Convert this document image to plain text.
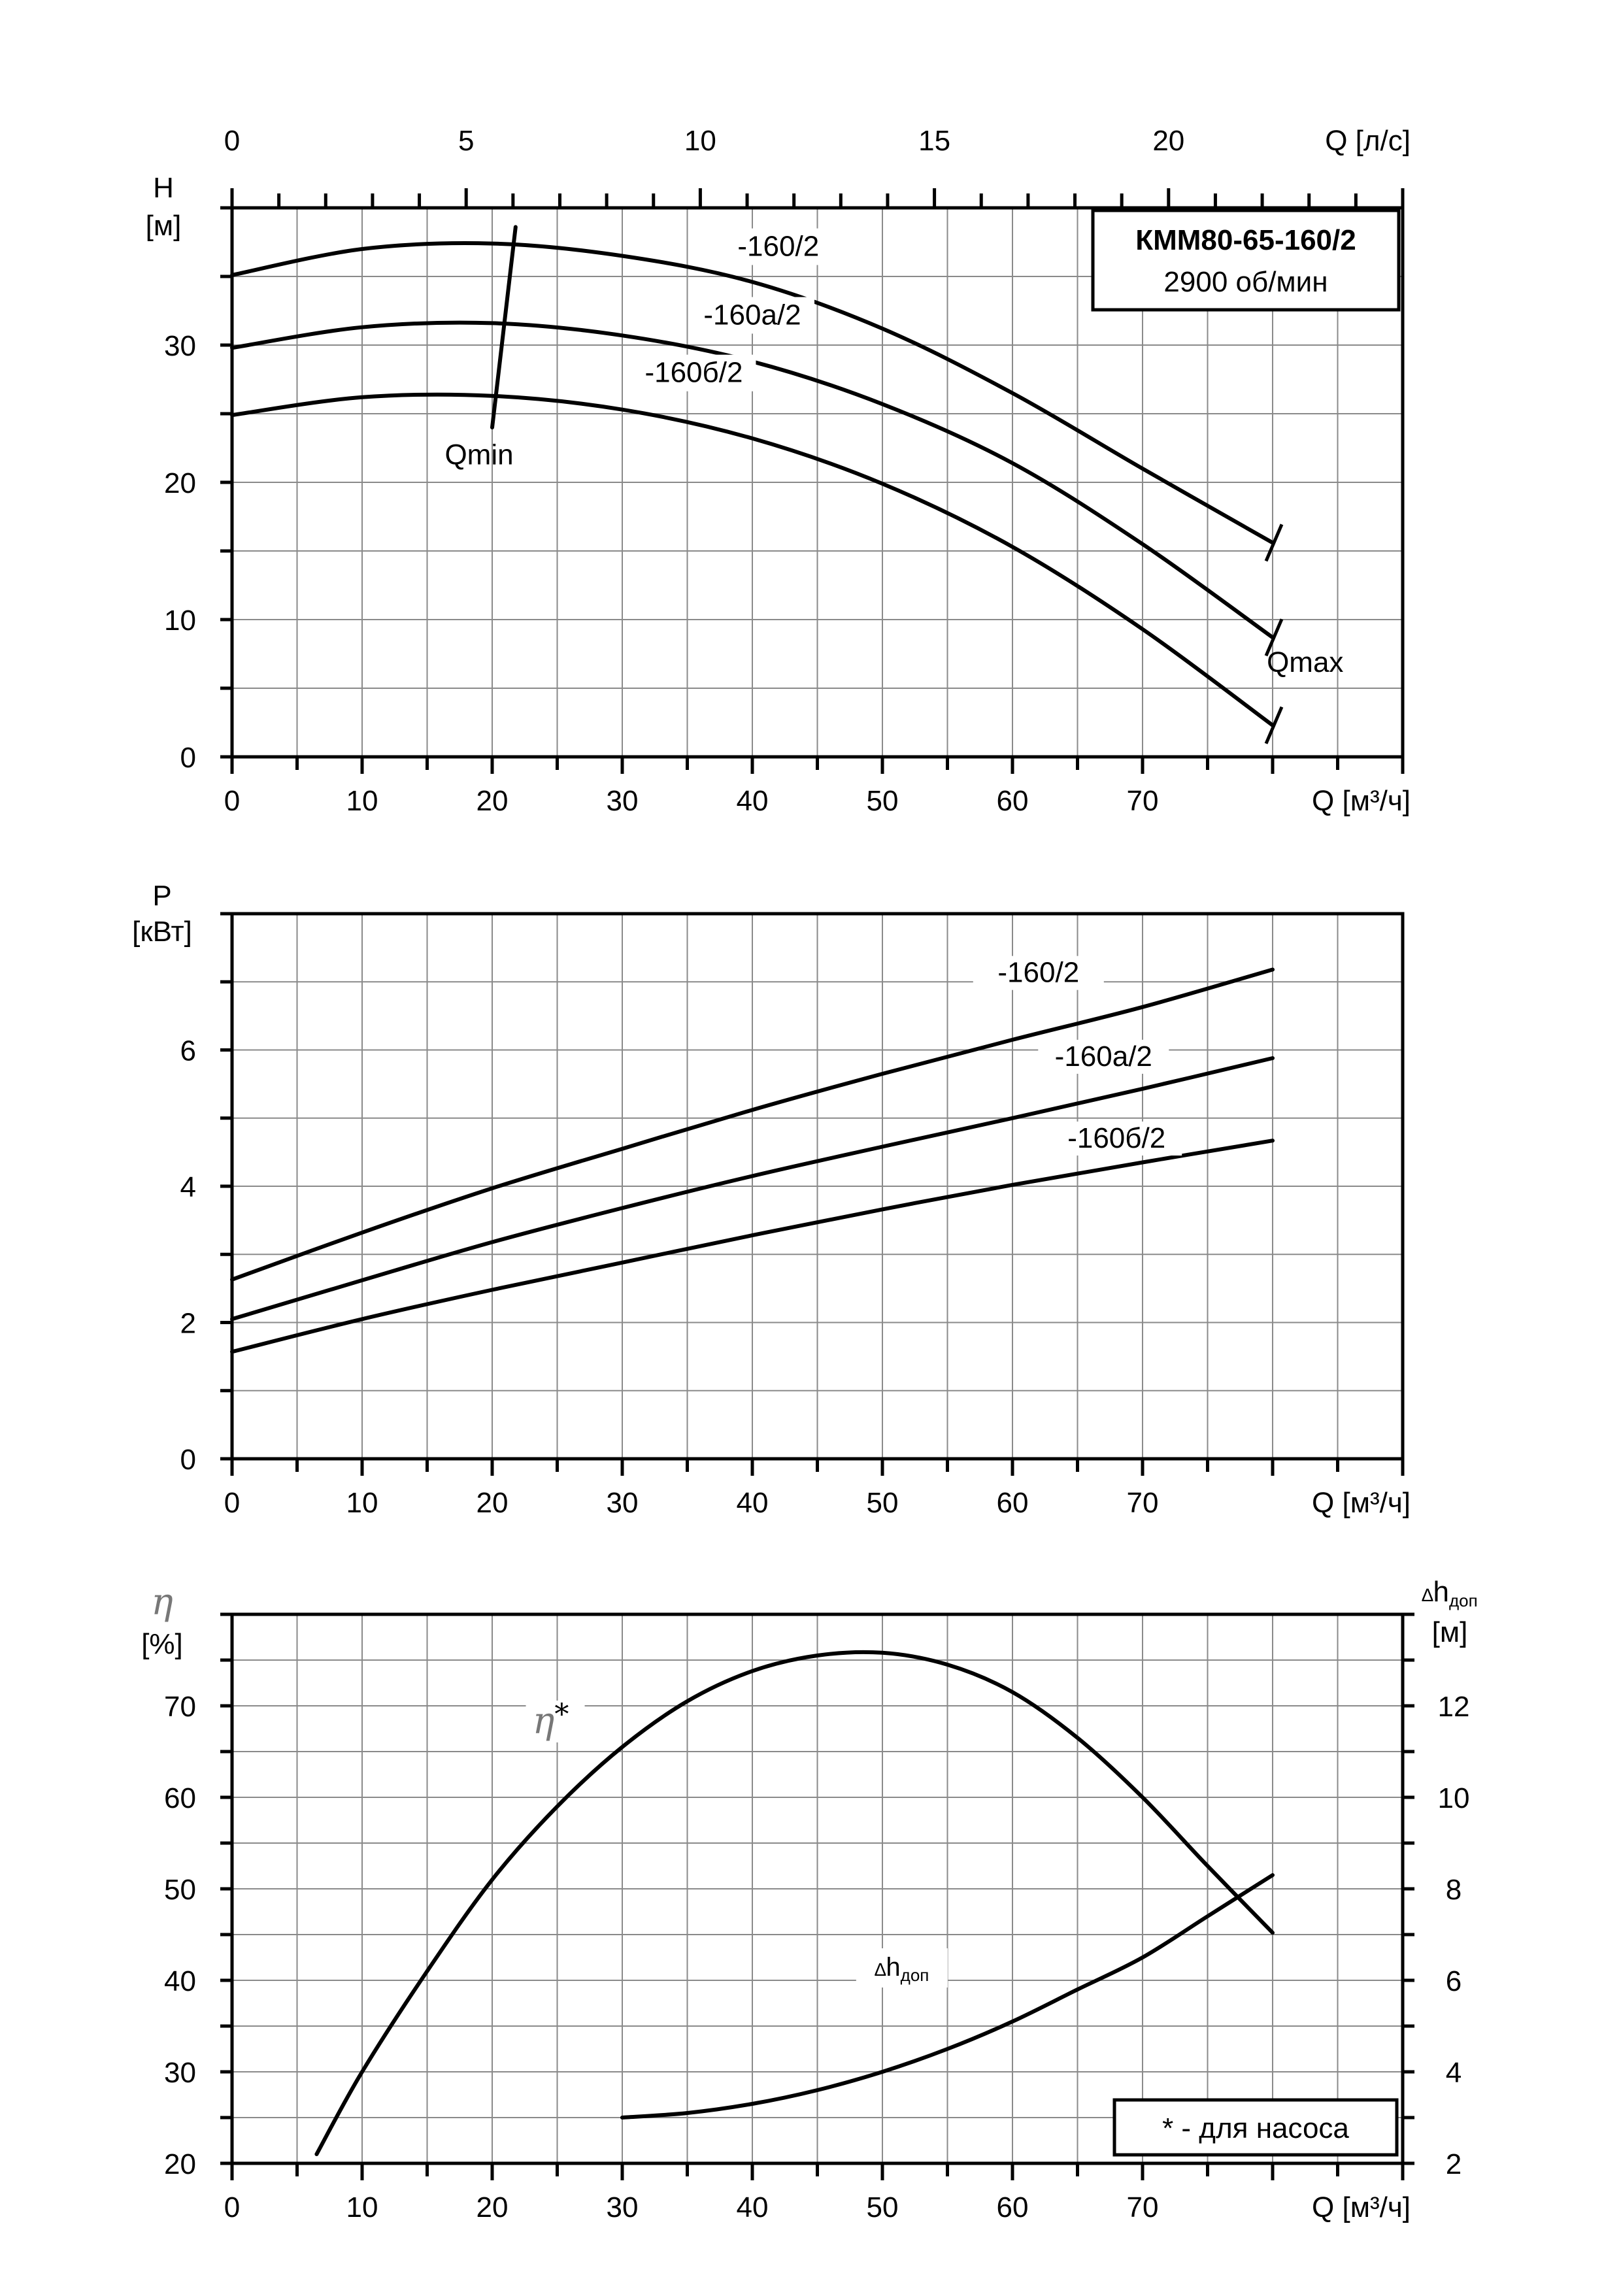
0	10	20	30	40	50	60	70
0
10
20
30
Q [м³/ч]
0	5	10	15	20	Q [л/с]
H
[м]
-160/2
-160а/2
-160б/2
Qmin
Qmax
КММ80-65-160/2
2900 об/мин
0	10	20	30	40	50	60	70
0
2
4
6
Q [м³/ч]
P
[кВт]
-160/2
-160а/2
-160б/2
0	10	20	30	40	50	60	70
20
30
40
50
60
70
Q [м³/ч]
2
4
6
8
10
12
η
[%]
∆hдоп
[м]
η*
∆hдоп
* - для насоса
